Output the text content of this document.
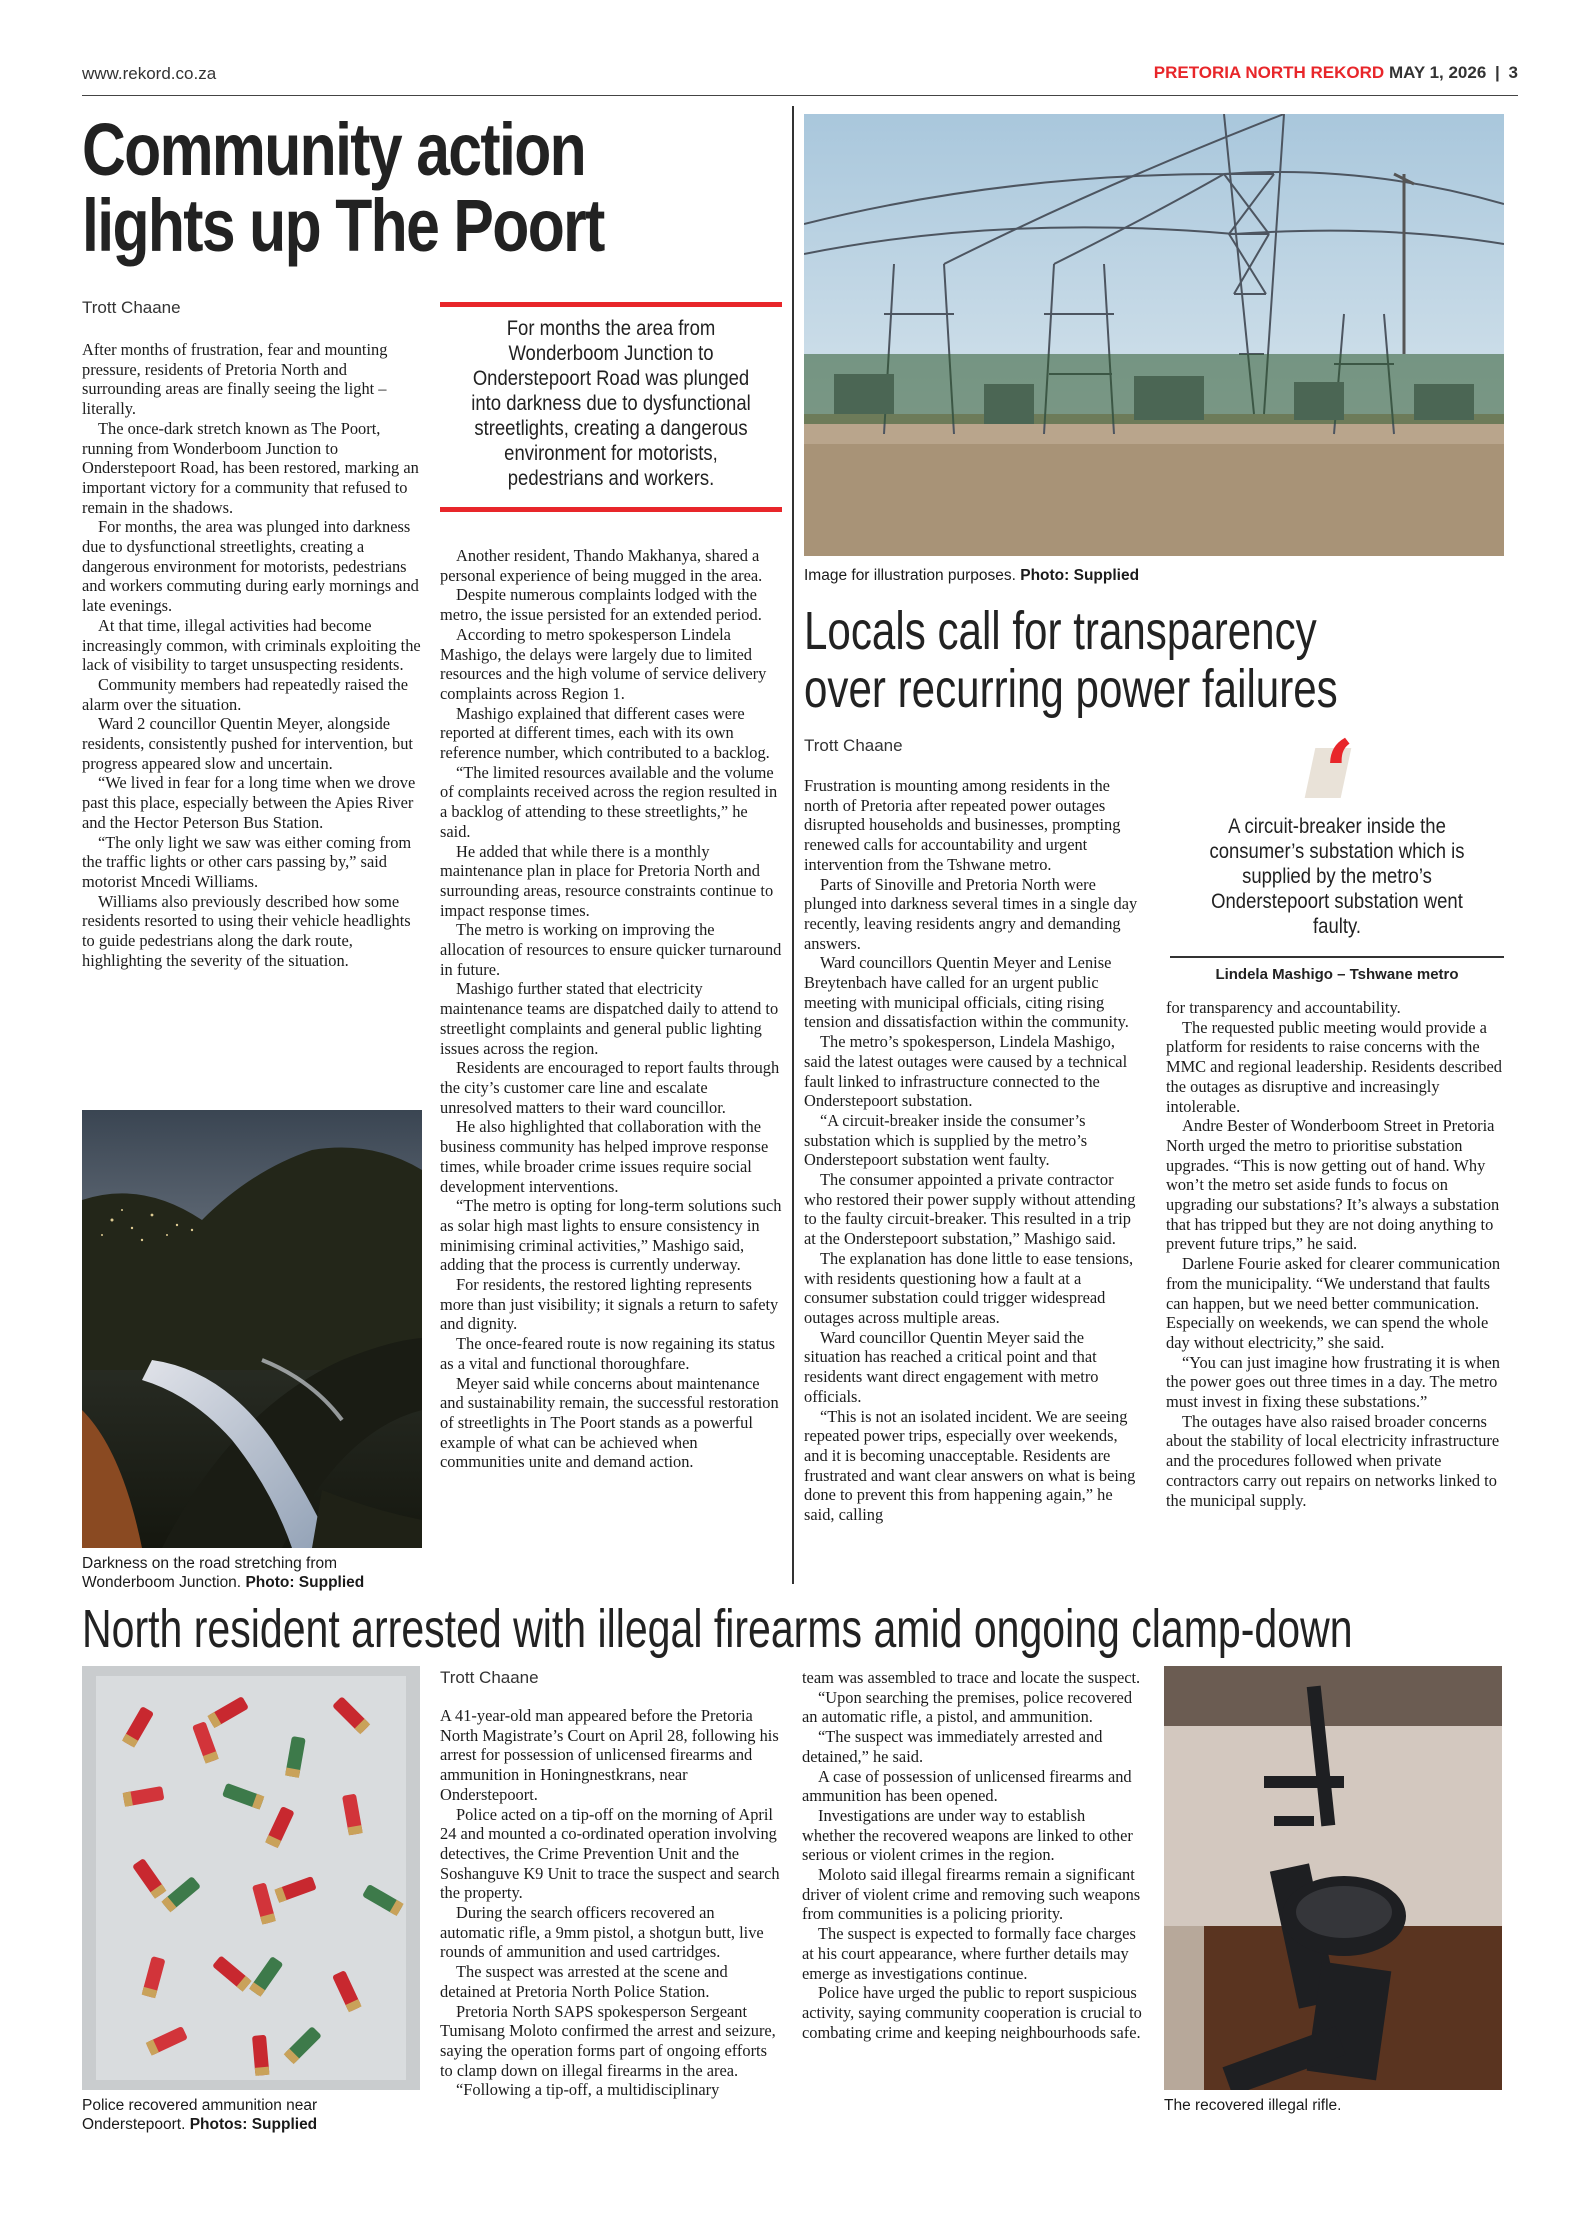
www.rekord.co.za	PRETORIA NORTH REKORD MAY 1, 2026 | 3
Community action
lights up The Poort
Trott Chaane
For months the area from Wonderboom Junction to Onderstepoort Road was plunged into darkness due to dysfunctional streetlights, creating a dangerous environment for motorists, pedestrians and workers.

After months of frustration, fear and mounting pressure, residents of Pretoria North and surrounding areas are finally seeing the light – literally.

The once-dark stretch known as The Poort, running from Wonderboom Junction to Onderstepoort Road, has been restored, marking an important victory for a community that refused to remain in the shadows.

For months, the area was plunged into darkness due to dysfunctional streetlights, creating a dangerous environment for motorists, pedestrians and workers commuting during early mornings and late evenings.

At that time, illegal activities had become increasingly common, with criminals exploiting the lack of visibility to target unsuspecting residents.

Community members had repeatedly raised the alarm over the situation.

Ward 2 councillor Quentin Meyer, alongside residents, consistently pushed for intervention, but progress appeared slow and uncertain.

“We lived in fear for a long time when we drove past this place, especially between the Apies River and the Hector Peterson Bus Station.

“The only light we saw was either coming from the traffic lights or other cars passing by,” said motorist Mncedi Williams.

Williams also previously described how some residents resorted to using their vehicle headlights to guide pedestrians along the dark route, highlighting the severity of the situation.

Darkness on the road stretching from Wonderboom Junction. Photo: Supplied

Another resident, Thando Makhanya, shared a personal experience of being mugged in the area.

Despite numerous complaints lodged with the metro, the issue persisted for an extended period.

According to metro spokesperson Lindela Mashigo, the delays were largely due to limited resources and the high volume of service delivery complaints across Region 1.

Mashigo explained that different cases were reported at different times, each with its own reference number, which contributed to a backlog.

“The limited resources available and the volume of complaints received across the region resulted in a backlog of attending to these streetlights,” he said.

He added that while there is a monthly maintenance plan in place for Pretoria North and surrounding areas, resource constraints continue to impact response times.

The metro is working on improving the allocation of resources to ensure quicker turnaround in future.

Mashigo further stated that electricity maintenance teams are dispatched daily to attend to streetlight complaints and general public lighting issues across the region.

Residents are encouraged to report faults through the city’s customer care line and escalate unresolved matters to their ward councillor.

He also highlighted that collaboration with the business community has helped improve response times, while broader crime issues require social development interventions.

“The metro is opting for long-term solutions such as solar high mast lights to ensure consistency in minimising criminal activities,” Mashigo said, adding that the process is currently underway.

For residents, the restored lighting represents more than just visibility; it signals a return to safety and dignity.

The once-feared route is now regaining its status as a vital and functional thoroughfare.

Meyer said while concerns about maintenance and sustainability remain, the successful restoration of streetlights in The Poort stands as a powerful example of what can be achieved when communities unite and demand action.

Image for illustration purposes. Photo: Supplied
Locals call for transparency
over recurring power failures
Trott Chaane

Frustration is mounting among residents in the north of Pretoria after repeated power outages disrupted households and businesses, prompting renewed calls for accountability and urgent intervention from the Tshwane metro.

Parts of Sinoville and Pretoria North were plunged into darkness several times in a single day recently, leaving residents angry and demanding answers.

Ward councillors Quentin Meyer and Lenise Breytenbach have called for an urgent public meeting with municipal officials, citing rising tension and dissatisfaction within the community.

The metro’s spokesperson, Lindela Mashigo, said the latest outages were caused by a technical fault linked to infrastructure connected to the Onderstepoort substation.

“A circuit-breaker inside the consumer’s substation which is supplied by the metro’s Onderstepoort substation went faulty.

The consumer appointed a private contractor who restored their power supply without attending to the faulty circuit-breaker. This resulted in a trip at the Onderstepoort substation,” Mashigo said.

The explanation has done little to ease tensions, with residents questioning how a fault at a consumer substation could trigger widespread outages across multiple areas.

Ward councillor Quentin Meyer said the situation has reached a critical point and that residents want direct engagement with metro officials.

“This is not an isolated incident. We are seeing repeated power trips, especially over weekends, and it is becoming unacceptable. Residents are frustrated and want clear answers on what is being done to prevent this from happening again,” he said, calling

‘
A circuit-breaker inside the consumer’s substation which is supplied by the metro’s Onderstepoort substation went faulty.
Lindela Mashigo – Tshwane metro

for transparency and accountability.

The requested public meeting would provide a platform for residents to raise concerns with the MMC and regional leadership. Residents described the outages as disruptive and increasingly intolerable.

Andre Bester of Wonderboom Street in Pretoria North urged the metro to prioritise substation upgrades. “This is now getting out of hand. Why won’t the metro set aside funds to focus on upgrading our substations? It’s always a substation that has tripped but they are not doing anything to prevent future trips,” he said.

Darlene Fourie asked for clearer communication from the municipality. “We understand that faults can happen, but we need better communication. Especially on weekends, we can spend the whole day without electricity,” she said.

“You can just imagine how frustrating it is when the power goes out three times in a day. The metro must invest in fixing these substations.”

The outages have also raised broader concerns about the stability of local electricity infrastructure and the procedures followed when private contractors carry out repairs on networks linked to the municipal supply.

North resident arrested with illegal firearms amid ongoing clamp-down
Police recovered ammunition near
Onderstepoort. Photos: Supplied
Trott Chaane

A 41-year-old man appeared before the Pretoria North Magistrate’s Court on April 28, following his arrest for possession of unlicensed firearms and ammunition in Honingnestkrans, near Onderstepoort.

Police acted on a tip-off on the morning of April 24 and mounted a co-ordinated operation involving detectives, the Crime Prevention Unit and the Soshanguve K9 Unit to trace the suspect and search the property.

During the search officers recovered an automatic rifle, a 9mm pistol, a shotgun butt, live rounds of ammunition and used cartridges.

The suspect was arrested at the scene and detained at Pretoria North Police Station.

Pretoria North SAPS spokesperson Sergeant Tumisang Moloto confirmed the arrest and seizure, saying the operation forms part of ongoing efforts to clamp down on illegal firearms in the area.

“Following a tip-off, a multidisciplinary

team was assembled to trace and locate the suspect.

“Upon searching the premises, police recovered an automatic rifle, a pistol, and ammunition.

“The suspect was immediately arrested and detained,” he said.

A case of possession of unlicensed firearms and ammunition has been opened.

Investigations are under way to establish whether the recovered weapons are linked to other serious or violent crimes in the region.

Moloto said illegal firearms remain a significant driver of violent crime and removing such weapons from communities is a policing priority.

The suspect is expected to formally face charges at his court appearance, where further details may emerge as investigations continue.

Police have urged the public to report suspicious activity, saying community cooperation is crucial to combating crime and keeping neighbourhoods safe.

The recovered illegal rifle.
